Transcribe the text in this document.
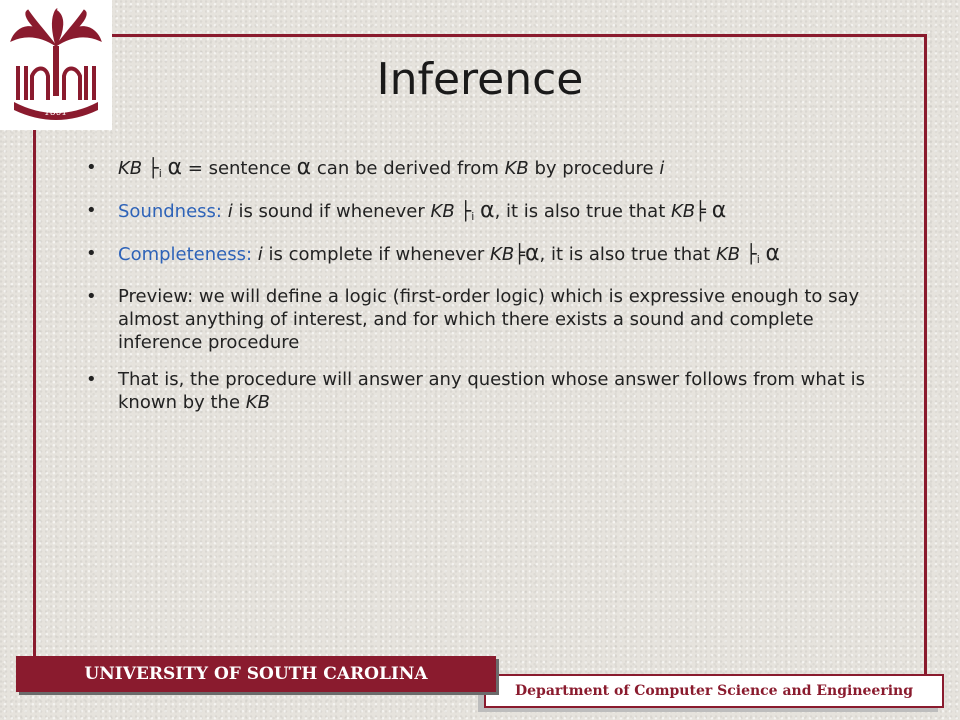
1801
Inference
• KB $├_i$ α = sentence α can be derived from KB by procedure i
• Soundness: i is sound if whenever KB $├_i$ α, it is also true that KB╞ α
• Completeness: i is complete if whenever KB╞α, it is also true that KB $├_i$ α
• Preview: we will define a logic (first-order logic) which is expressive enough to say almost anything of interest, and for which there exists a sound and complete inference procedure
• That is, the procedure will answer any question whose answer follows from what is known by the KB
Department of Computer Science and Engineering
UNIVERSITY OF SOUTH CAROLINA
